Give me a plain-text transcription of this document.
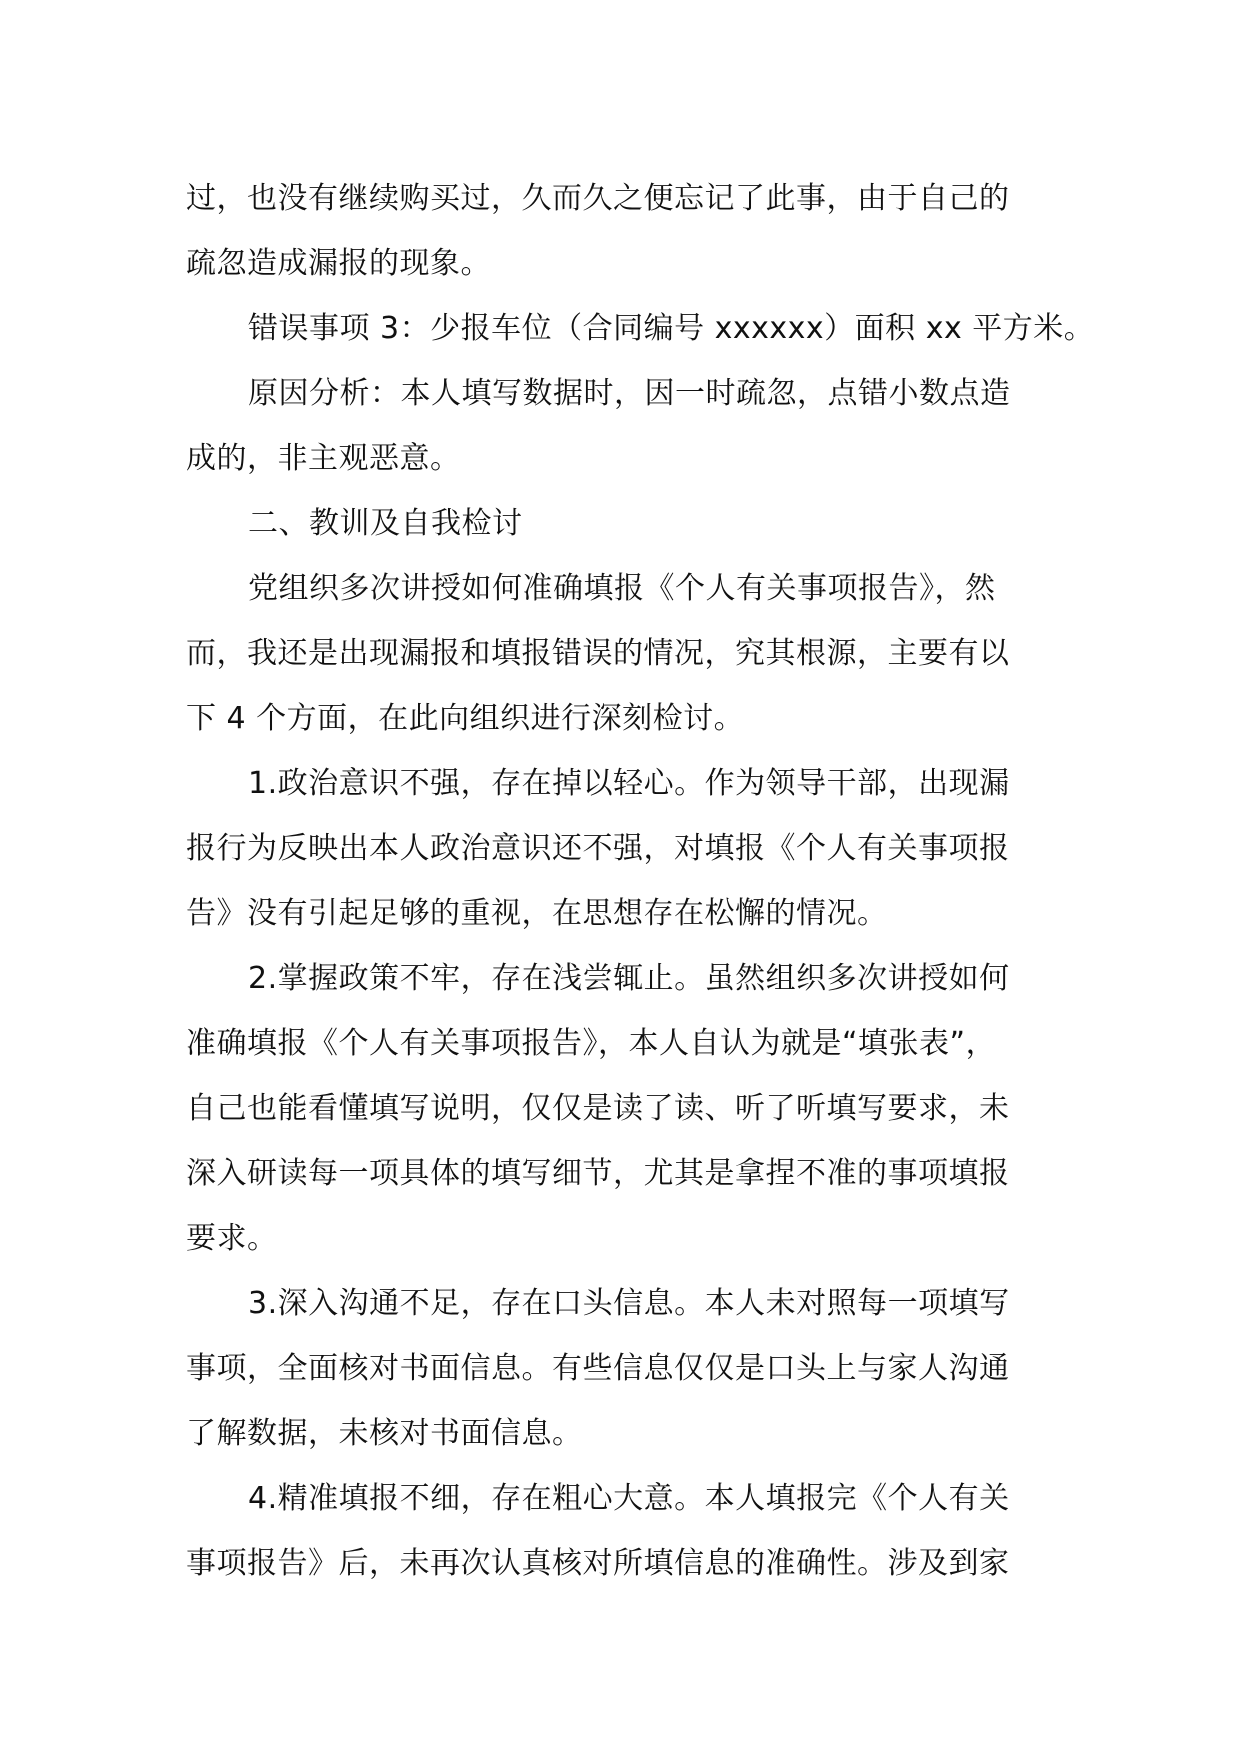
过，也没有继续购买过，久而久之便忘记了此事，由于自己的
疏忽造成漏报的现象。

错误事项 3：少报车位（合同编号 xxxxxx）面积 xx 平方米。

原因分析：本人填写数据时，因一时疏忽，点错小数点造
成的，非主观恶意。

二、教训及自我检讨

党组织多次讲授如何准确填报《个人有关事项报告》，然
而，我还是出现漏报和填报错误的情况，究其根源，主要有以
下 4 个方面，在此向组织进行深刻检讨。

1.政治意识不强，存在掉以轻心。作为领导干部，出现漏
报行为反映出本人政治意识还不强，对填报《个人有关事项报
告》没有引起足够的重视，在思想存在松懈的情况。

2.掌握政策不牢，存在浅尝辄止。虽然组织多次讲授如何
准确填报《个人有关事项报告》，本人自认为就是“填张表”，
自己也能看懂填写说明，仅仅是读了读、听了听填写要求，未
深入研读每一项具体的填写细节，尤其是拿捏不准的事项填报
要求。

3.深入沟通不足，存在口头信息。本人未对照每一项填写
事项，全面核对书面信息。有些信息仅仅是口头上与家人沟通
了解数据，未核对书面信息。

4.精准填报不细，存在粗心大意。本人填报完《个人有关
事项报告》后，未再次认真核对所填信息的准确性。涉及到家
